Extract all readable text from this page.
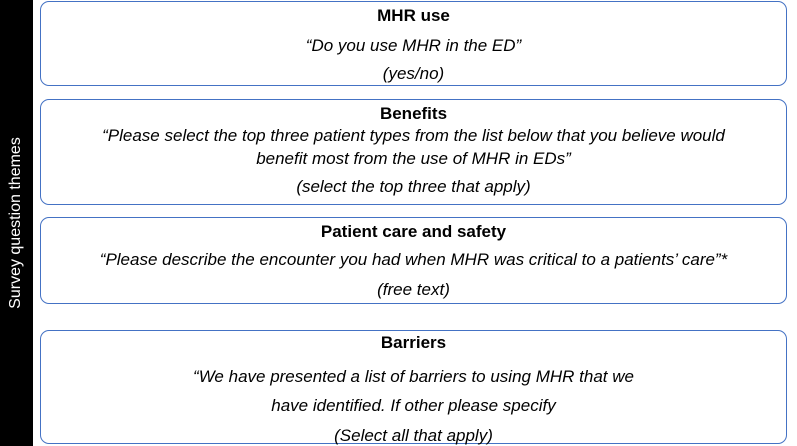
Survey question themes
MHR use
“Do you use MHR in the ED”
(yes/no)
Benefits
“Please select the top three patient types from the list below that you believe would
benefit most from the use of MHR in EDs”
(select the top three that apply)
Patient care and safety
“Please describe the encounter you had when MHR was critical to a patients’ care”*
(free text)
Barriers
“We have presented a list of barriers to using MHR that we
have identified. If other please specify
(Select all that apply)
